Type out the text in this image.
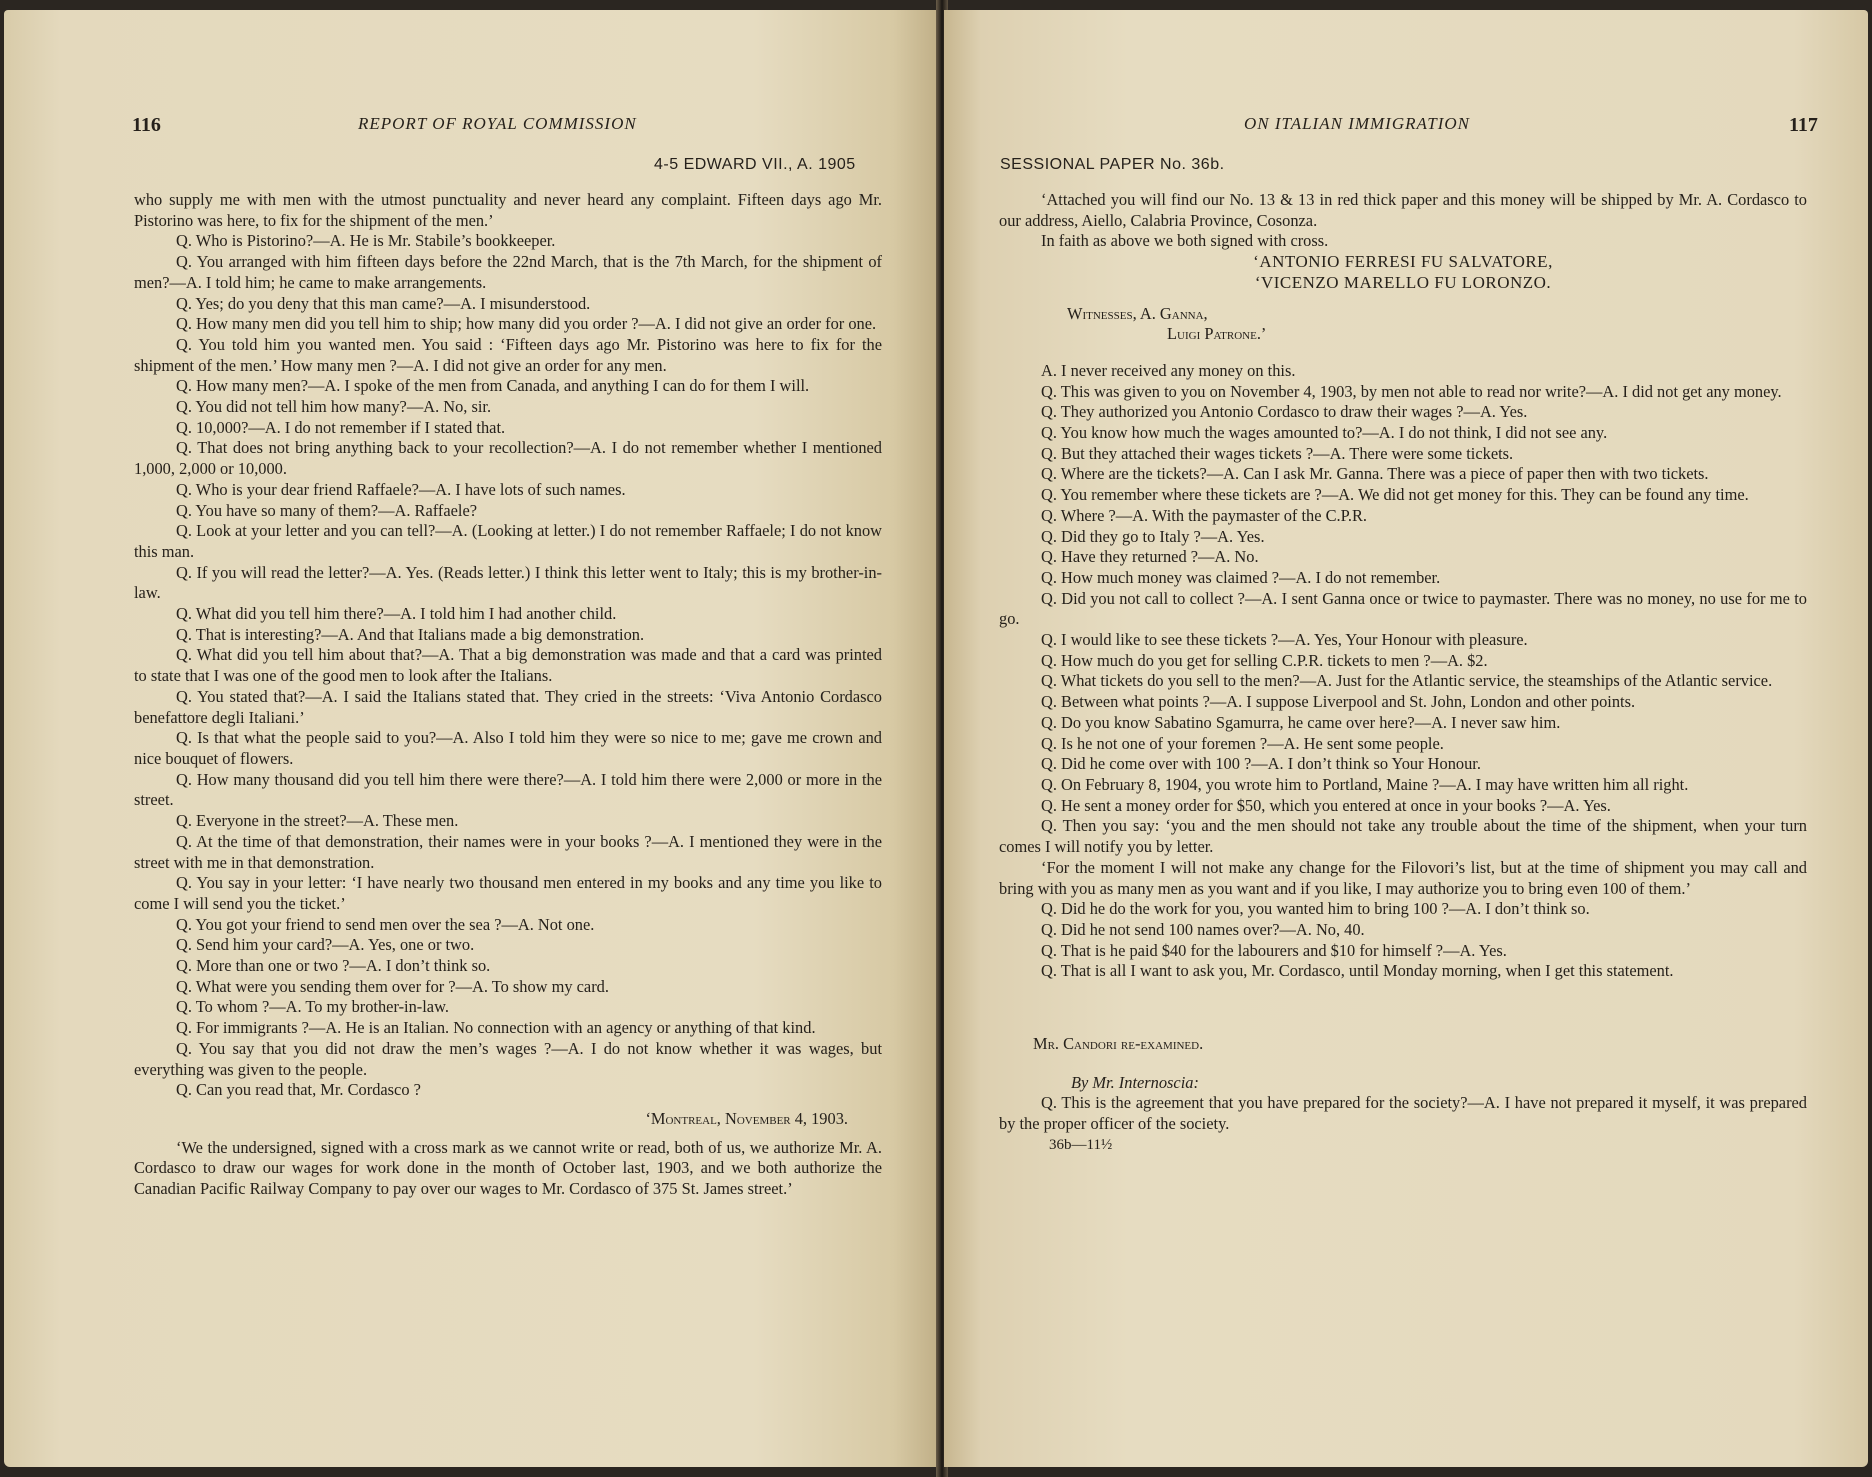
116	REPORT OF ROYAL COMMISSION
4-5 EDWARD VII., A. 1905

who supply me with men with the utmost punctuality and never heard any complaint. Fifteen days ago Mr. Pistorino was here, to fix for the shipment of the men.’

Q. Who is Pistorino?—A. He is Mr. Stabile’s bookkeeper.

Q. You arranged with him fifteen days before the 22nd March, that is the 7th March, for the shipment of men?—A. I told him; he came to make arrangements.

Q. Yes; do you deny that this man came?—A. I misunderstood.

Q. How many men did you tell him to ship; how many did you order ?—A. I did not give an order for one.

Q. You told him you wanted men. You said : ‘Fifteen days ago Mr. Pistorino was here to fix for the shipment of the men.’ How many men ?—A. I did not give an order for any men.

Q. How many men?—A. I spoke of the men from Canada, and anything I can do for them I will.

Q. You did not tell him how many?—A. No, sir.

Q. 10,000?—A. I do not remember if I stated that.

Q. That does not bring anything back to your recollection?—A. I do not remember whether I mentioned 1,000, 2,000 or 10,000.

Q. Who is your dear friend Raffaele?—A. I have lots of such names.

Q. You have so many of them?—A. Raffaele?

Q. Look at your letter and you can tell?—A. (Looking at letter.) I do not remember Raffaele; I do not know this man.

Q. If you will read the letter?—A. Yes. (Reads letter.) I think this letter went to Italy; this is my brother-in-law.

Q. What did you tell him there?—A. I told him I had another child.

Q. That is interesting?—A. And that Italians made a big demonstration.

Q. What did you tell him about that?—A. That a big demonstration was made and that a card was printed to state that I was one of the good men to look after the Italians.

Q. You stated that?—A. I said the Italians stated that. They cried in the streets: ‘Viva Antonio Cordasco benefattore degli Italiani.’

Q. Is that what the people said to you?—A. Also I told him they were so nice to me; gave me crown and nice bouquet of flowers.

Q. How many thousand did you tell him there were there?—A. I told him there were 2,000 or more in the street.

Q. Everyone in the street?—A. These men.

Q. At the time of that demonstration, their names were in your books ?—A. I mentioned they were in the street with me in that demonstration.

Q. You say in your letter: ‘I have nearly two thousand men entered in my books and any time you like to come I will send you the ticket.’

Q. You got your friend to send men over the sea ?—A. Not one.

Q. Send him your card?—A. Yes, one or two.

Q. More than one or two ?—A. I don’t think so.

Q. What were you sending them over for ?—A. To show my card.

Q. To whom ?—A. To my brother-in-law.

Q. For immigrants ?—A. He is an Italian. No connection with an agency or anything of that kind.

Q. You say that you did not draw the men’s wages ?—A. I do not know whether it was wages, but everything was given to the people.

Q. Can you read that, Mr. Cordasco ?

‘Montreal, November 4, 1903.

‘We the undersigned, signed with a cross mark as we cannot write or read, both of us, we authorize Mr. A. Cordasco to draw our wages for work done in the month of October last, 1903, and we both authorize the Canadian Pacific Railway Company to pay over our wages to Mr. Cordasco of 375 St. James street.’

ON ITALIAN IMMIGRATION	117
SESSIONAL PAPER No. 36b.

‘Attached you will find our No. 13 & 13 in red thick paper and this money will be shipped by Mr. A. Cordasco to our address, Aiello, Calabria Province, Cosonza.

In faith as above we both signed with cross.

‘ANTONIO FERRESI FU SALVATORE,

‘VICENZO MARELLO FU LORONZO.

Witnesses, A. Ganna,

Luigi Patrone.’

A. I never received any money on this.

Q. This was given to you on November 4, 1903, by men not able to read nor write?—A. I did not get any money.

Q. They authorized you Antonio Cordasco to draw their wages ?—A. Yes.

Q. You know how much the wages amounted to?—A. I do not think, I did not see any.

Q. But they attached their wages tickets ?—A. There were some tickets.

Q. Where are the tickets?—A. Can I ask Mr. Ganna. There was a piece of paper then with two tickets.

Q. You remember where these tickets are ?—A. We did not get money for this. They can be found any time.

Q. Where ?—A. With the paymaster of the C.P.R.

Q. Did they go to Italy ?—A. Yes.

Q. Have they returned ?—A. No.

Q. How much money was claimed ?—A. I do not remember.

Q. Did you not call to collect ?—A. I sent Ganna once or twice to paymaster. There was no money, no use for me to go.

Q. I would like to see these tickets ?—A. Yes, Your Honour with pleasure.

Q. How much do you get for selling C.P.R. tickets to men ?—A. $2.

Q. What tickets do you sell to the men?—A. Just for the Atlantic service, the steamships of the Atlantic service.

Q. Between what points ?—A. I suppose Liverpool and St. John, London and other points.

Q. Do you know Sabatino Sgamurra, he came over here?—A. I never saw him.

Q. Is he not one of your foremen ?—A. He sent some people.

Q. Did he come over with 100 ?—A. I don’t think so Your Honour.

Q. On February 8, 1904, you wrote him to Portland, Maine ?—A. I may have written him all right.

Q. He sent a money order for $50, which you entered at once in your books ?—A. Yes.

Q. Then you say: ‘you and the men should not take any trouble about the time of the shipment, when your turn comes I will notify you by letter.

‘For the moment I will not make any change for the Filovori’s list, but at the time of shipment you may call and bring with you as many men as you want and if you like, I may authorize you to bring even 100 of them.’

Q. Did he do the work for you, you wanted him to bring 100 ?—A. I don’t think so.

Q. Did he not send 100 names over?—A. No, 40.

Q. That is he paid $40 for the labourers and $10 for himself ?—A. Yes.

Q. That is all I want to ask you, Mr. Cordasco, until Monday morning, when I get this statement.

Mr. Candori re-examined.

By Mr. Internoscia:

Q. This is the agreement that you have prepared for the society?—A. I have not prepared it myself, it was prepared by the proper officer of the society.

36b—11½
